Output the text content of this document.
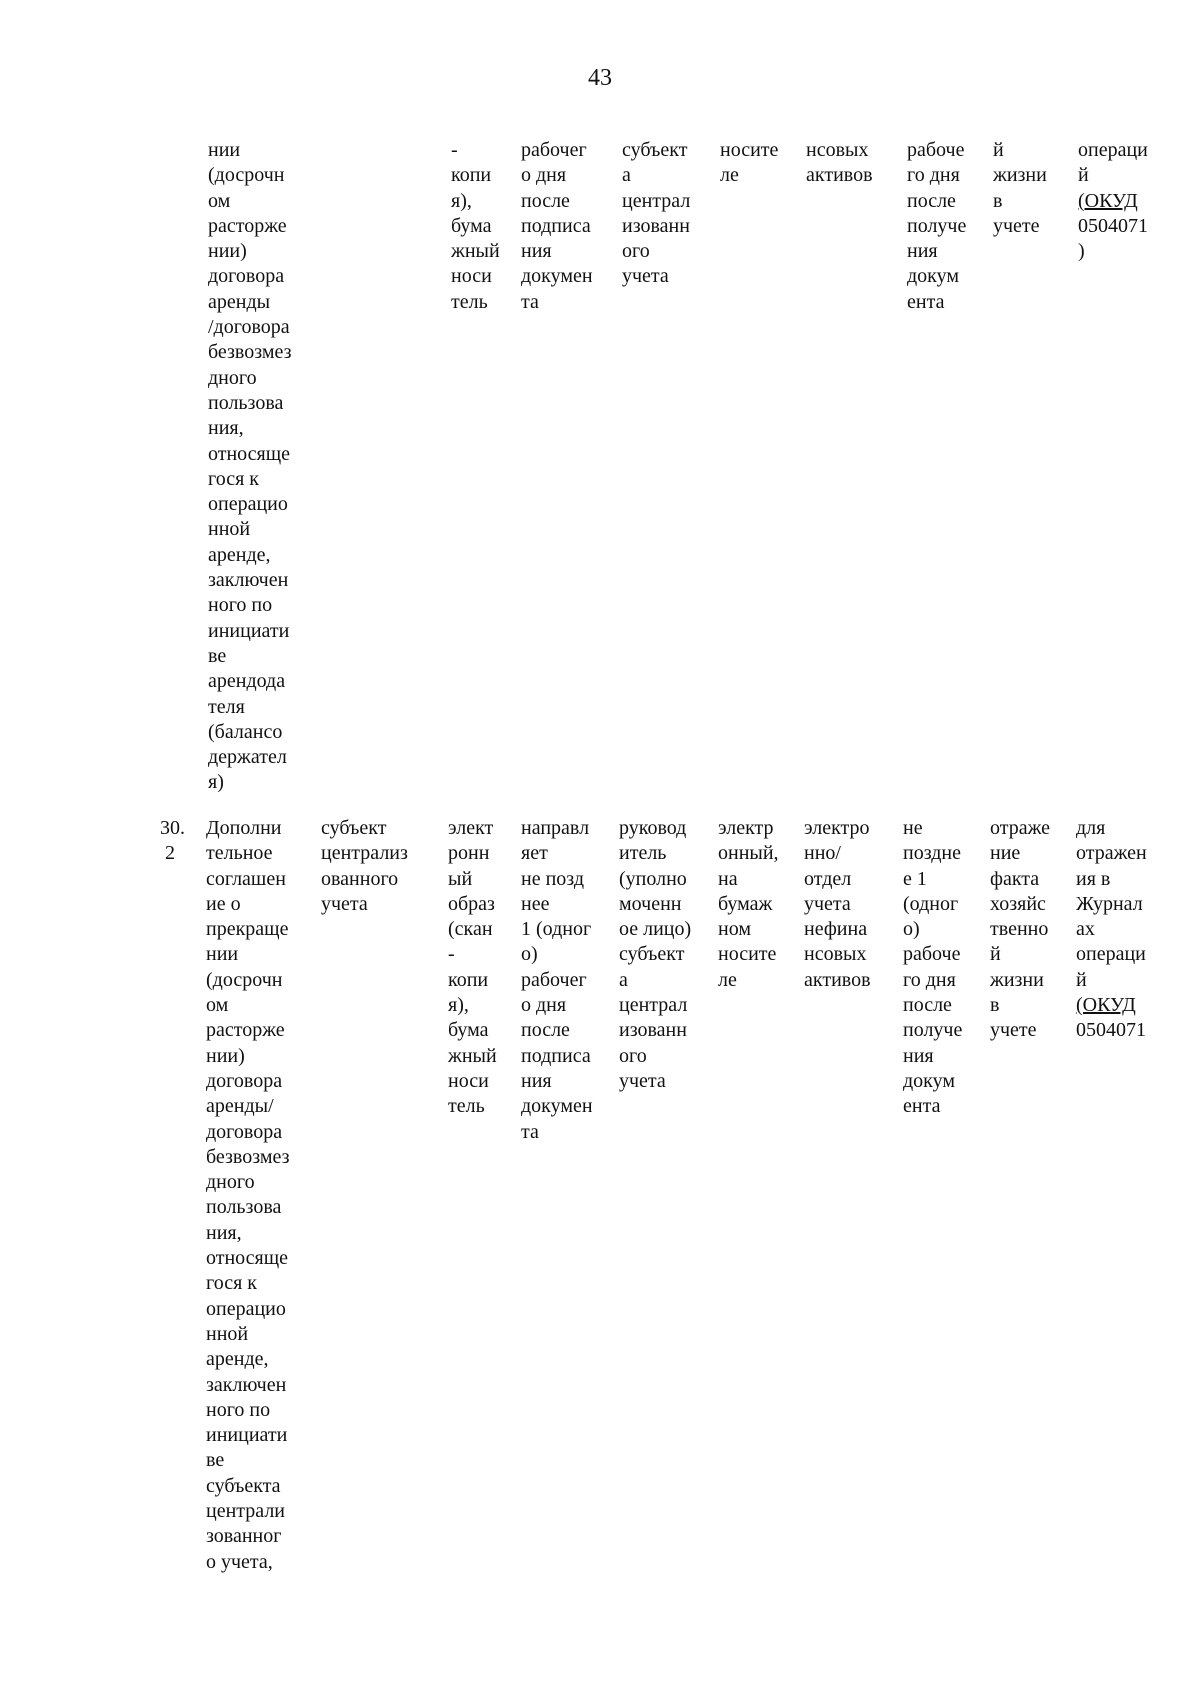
43
нии
(досрочн
ом
расторже
нии)
договора
аренды
/договора
безвозмез
дного
пользова
ния,
относяще
гося к
операцио
нной
аренде,
заключен
ного по
инициати
ве
арендода
теля
(балансо
держател
я)
-
копи
я),
бума
жный
носи
тель
рабочег
о дня
после
подписа
ния
докумен
та
субъект
а
централ
изованн
ого
учета
носите
ле
нсовых
активов
рабоче
го дня
после
получе
ния
докум
ента
й
жизни
в
учете
операци
й
(ОКУД
0504071
)
30.
2
Дополни
тельное
соглашен
ие о
прекраще
нии
(досрочн
ом
расторже
нии)
договора
аренды/
договора
безвозмез
дного
пользова
ния,
относяще
гося к
операцио
нной
аренде,
заключен
ного по
инициати
ве
субъекта
централи
зованног
о учета,
субъект
централиз
ованного
учета
элект
ронн
ый
образ
(скан
-
копи
я),
бума
жный
носи
тель
направл
яет
не позд
нее
1 (одног
о)
рабочег
о дня
после
подписа
ния
докумен
та
руковод
итель
(уполно
моченн
ое лицо)
субъект
а
централ
изованн
ого
учета
электр
онный,
на
бумаж
ном
носите
ле
электро
нно/
отдел
учета
нефина
нсовых
активов
не
поздне
е 1
(одног
о)
рабоче
го дня
после
получе
ния
докум
ента
отраже
ние
факта
хозяйс
твенно
й
жизни
в
учете
для
отражен
ия в
Журнал
ах
оперaци
й
(ОКУД
0504071
